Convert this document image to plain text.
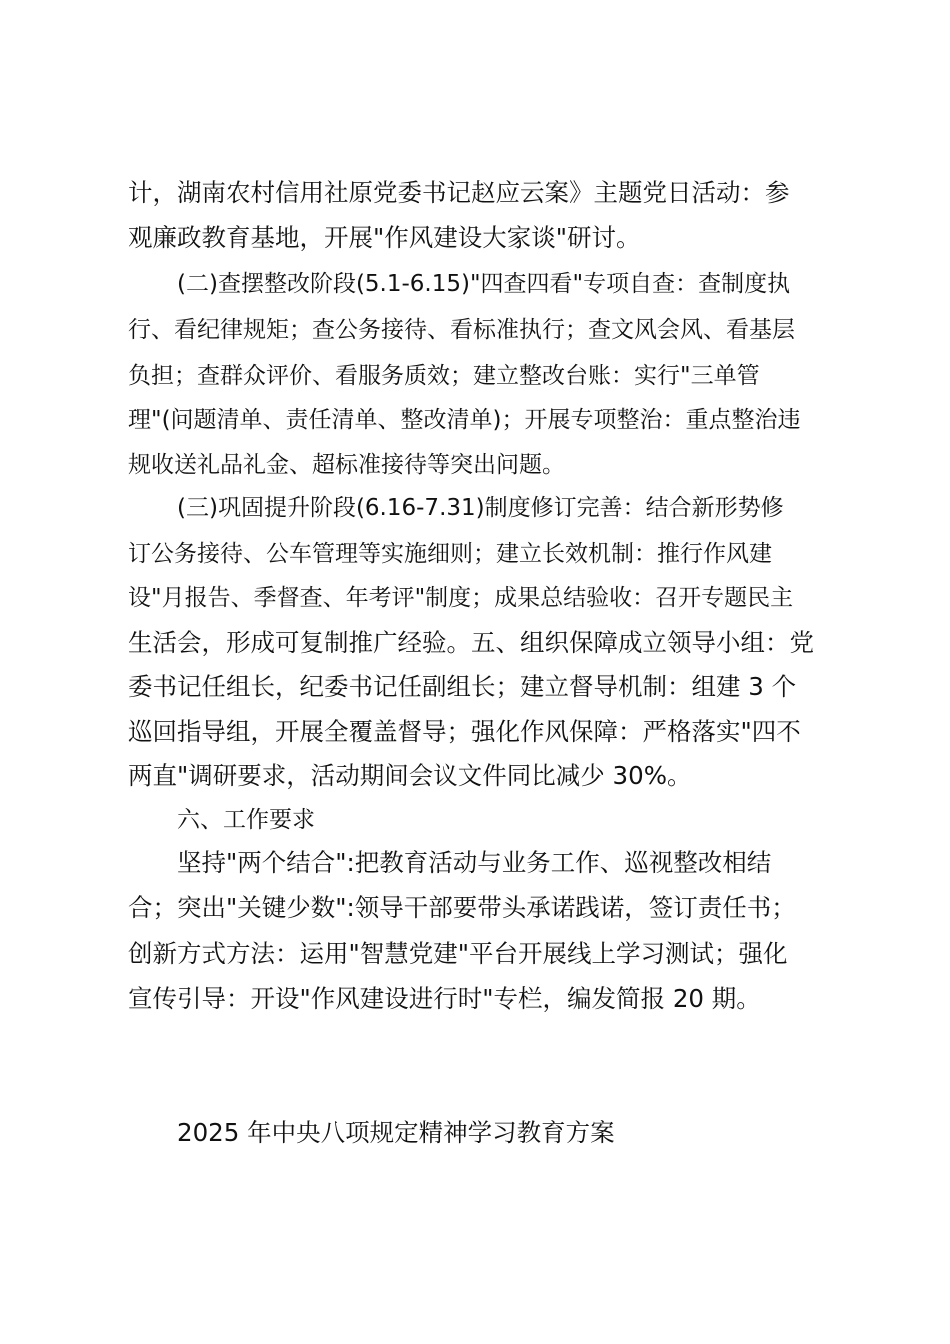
计，湖南农村信用社原党委书记赵应云案》主题党日活动：参
观廉政教育基地，开展"作风建设大家谈"研讨。
(二)查摆整改阶段(5.1-6.15)"四查四看"专项自查：查制度执
行、看纪律规矩；查公务接待、看标准执行；查文风会风、看基层
负担；查群众评价、看服务质效；建立整改台账：实行"三单管
理"(问题清单、责任清单、整改清单)；开展专项整治：重点整治违
规收送礼品礼金、超标准接待等突出问题。
(三)巩固提升阶段(6.16-7.31)制度修订完善：结合新形势修
订公务接待、公车管理等实施细则；建立长效机制：推行作风建
设"月报告、季督查、年考评"制度；成果总结验收：召开专题民主
生活会，形成可复制推广经验。五、组织保障成立领导小组：党
委书记任组长，纪委书记任副组长；建立督导机制：组建 3 个
巡回指导组，开展全覆盖督导；强化作风保障：严格落实"四不
两直"调研要求，活动期间会议文件同比减少 30%。
六、工作要求
坚持"两个结合":把教育活动与业务工作、巡视整改相结
合；突出"关键少数":领导干部要带头承诺践诺，签订责任书；
创新方式方法：运用"智慧党建"平台开展线上学习测试；强化
宣传引导：开设"作风建设进行时"专栏，编发简报 20 期。
2025 年中央八项规定精神学习教育方案
